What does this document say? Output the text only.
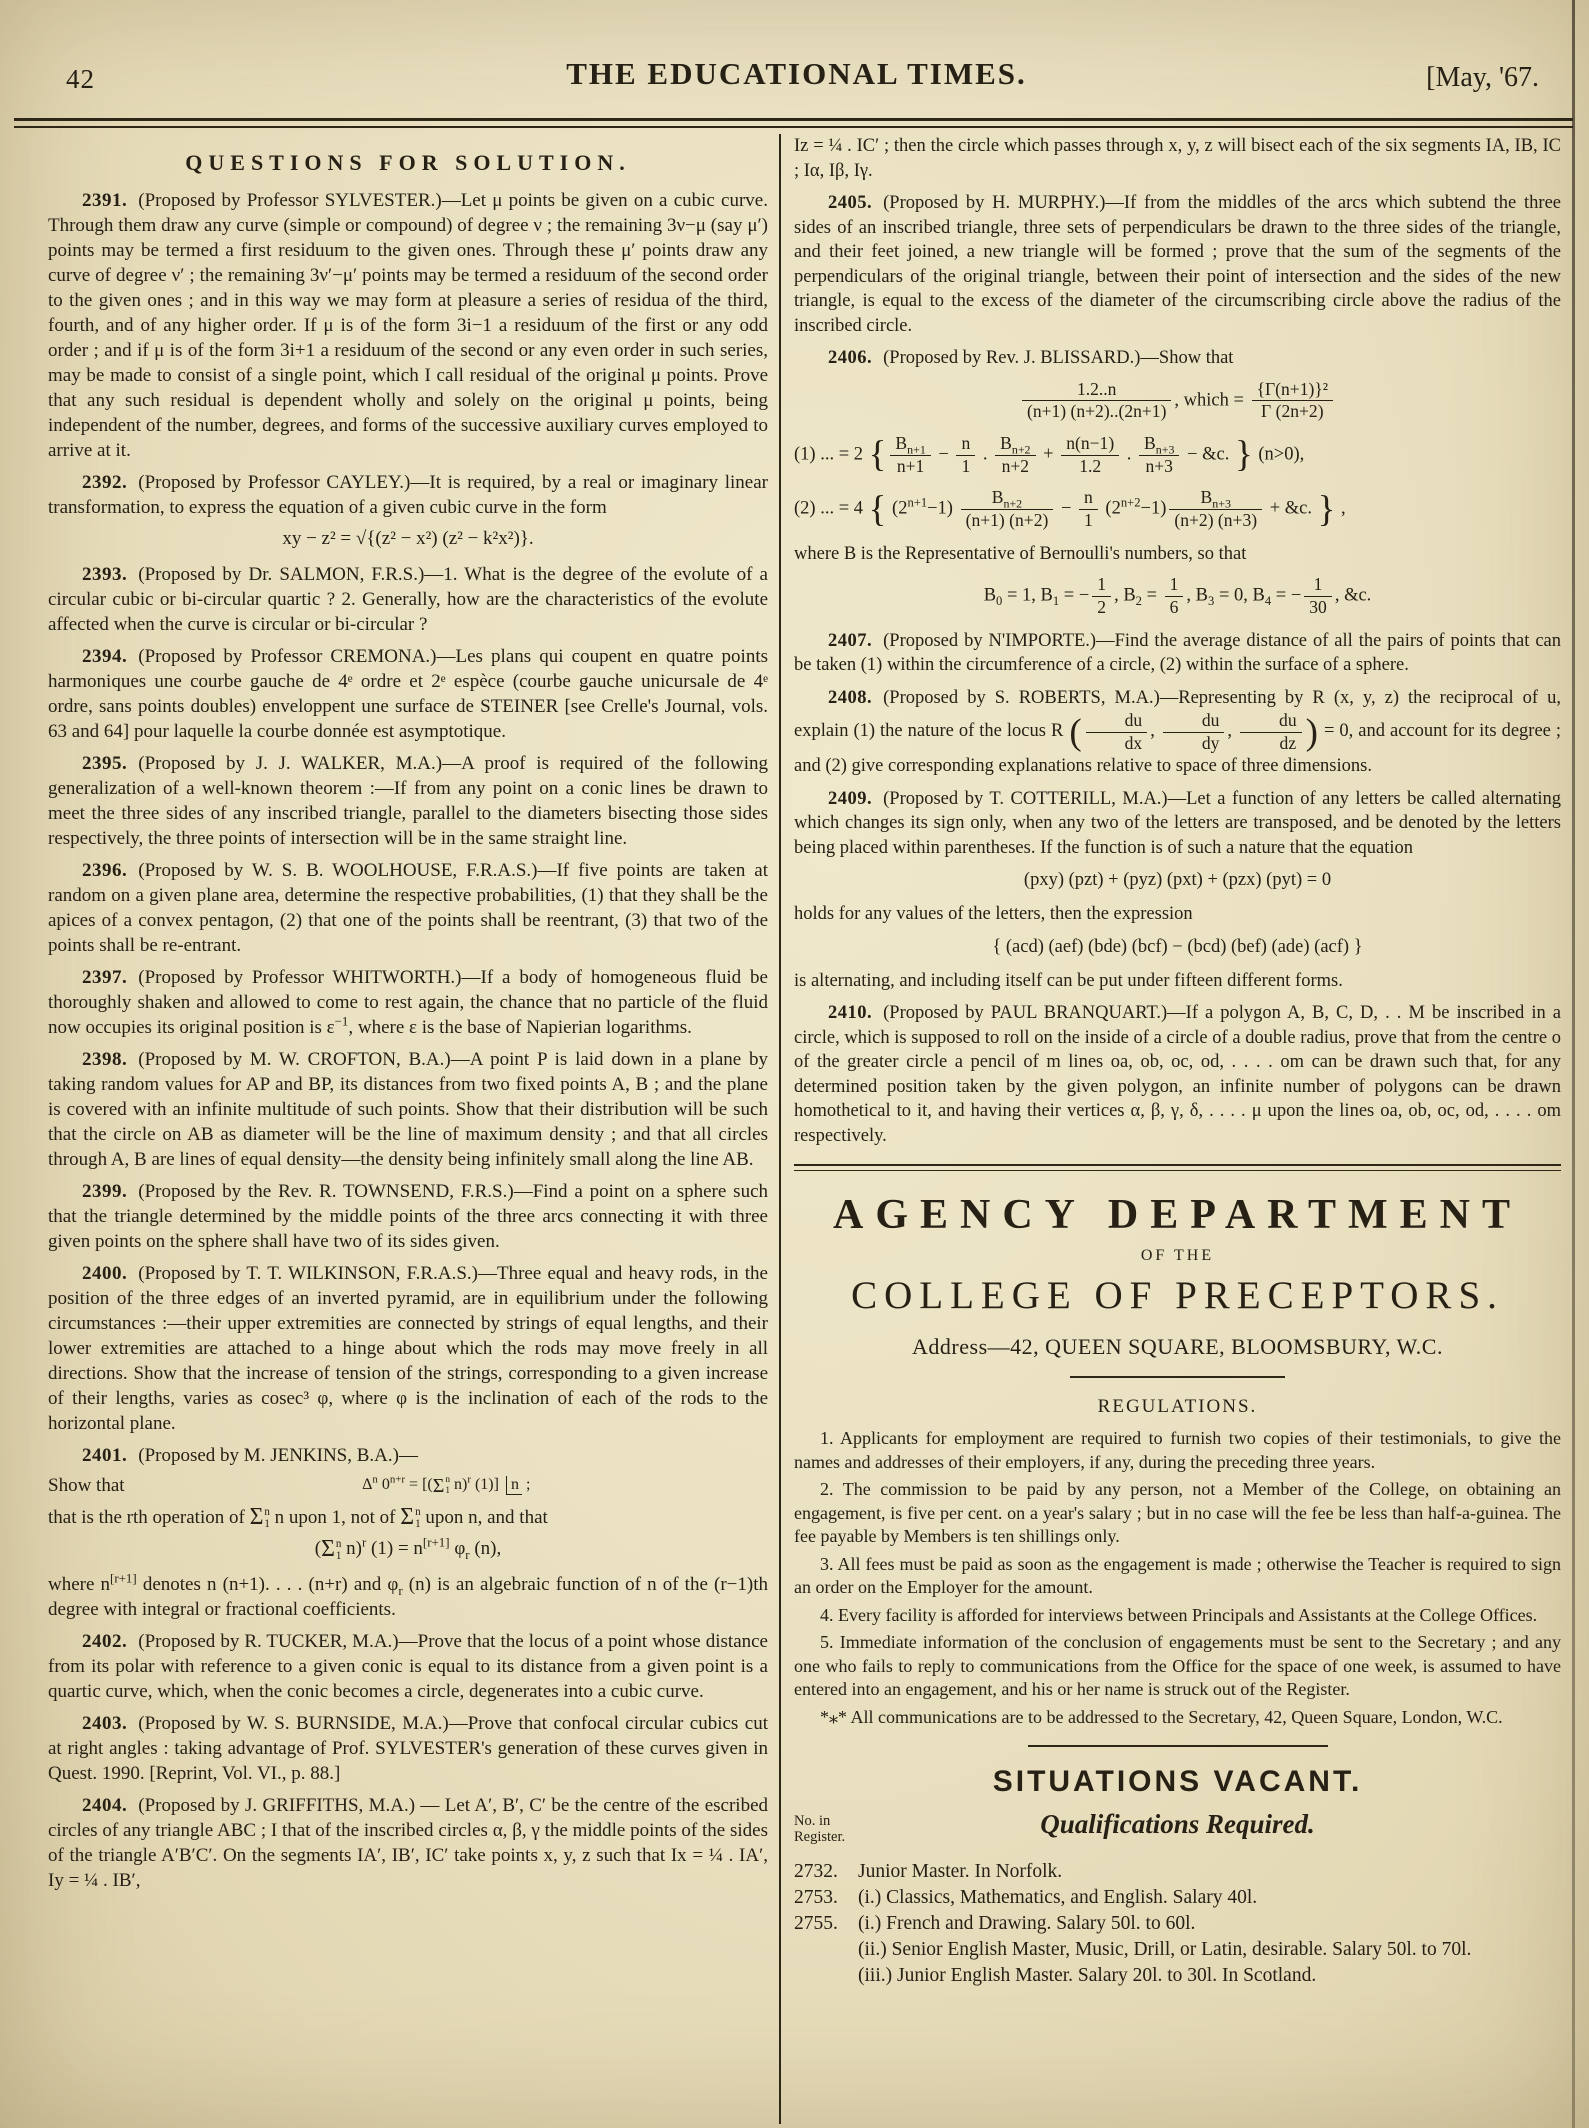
42	THE EDUCATIONAL TIMES.	[May, '67.
QUESTIONS FOR SOLUTION.

2391. (Proposed by Professor SYLVESTER.)—Let μ points be given on a cubic curve. Through them draw any curve (simple or compound) of degree ν ; the remaining 3ν−μ (say μ′) points may be termed a first residuum to the given ones. Through these μ′ points draw any curve of degree ν′ ; the remaining 3ν′−μ′ points may be termed a residuum of the second order to the given ones ; and in this way we may form at pleasure a series of residua of the third, fourth, and of any higher order. If μ is of the form 3i−1 a residuum of the first or any odd order ; and if μ is of the form 3i+1 a residuum of the second or any even order in such series, may be made to consist of a single point, which I call residual of the original μ points. Prove that any such residual is dependent wholly and solely on the original μ points, being independent of the number, degrees, and forms of the successive auxiliary curves employed to arrive at it.

2392. (Proposed by Professor CAYLEY.)—It is required, by a real or imaginary linear transformation, to express the equation of a given cubic curve in the form

xy − z² = √{(z² − x²) (z² − k²x²)}.

2393. (Proposed by Dr. SALMON, F.R.S.)—1. What is the degree of the evolute of a circular cubic or bi-circular quartic ? 2. Generally, how are the characteristics of the evolute affected when the curve is circular or bi-circular ?

2394. (Proposed by Professor CREMONA.)—Les plans qui coupent en quatre points harmoniques une courbe gauche de 4ᵉ ordre et 2ᵉ espèce (courbe gauche unicursale de 4ᵉ ordre, sans points doubles) enveloppent une surface de STEINER [see Crelle's Journal, vols. 63 and 64] pour laquelle la courbe donnée est asymptotique.

2395. (Proposed by J. J. WALKER, M.A.)—A proof is required of the following generalization of a well-known theorem :—If from any point on a conic lines be drawn to meet the three sides of any inscribed triangle, parallel to the diameters bisecting those sides respectively, the three points of intersection will be in the same straight line.

2396. (Proposed by W. S. B. WOOLHOUSE, F.R.A.S.)—If five points are taken at random on a given plane area, determine the respective probabilities, (1) that they shall be the apices of a convex pentagon, (2) that one of the points shall be reentrant, (3) that two of the points shall be re-entrant.

2397. (Proposed by Professor WHITWORTH.)—If a body of homogeneous fluid be thoroughly shaken and allowed to come to rest again, the chance that no particle of the fluid now occupies its original position is $\varepsilon^{-1}$, where ε is the base of Napierian logarithms.

2398. (Proposed by M. W. CROFTON, B.A.)—A point P is laid down in a plane by taking random values for AP and BP, its distances from two fixed points A, B ; and the plane is covered with an infinite multitude of such points. Show that their distribution will be such that the circle on AB as diameter will be the line of maximum density ; and that all circles through A, B are lines of equal density—the density being infinitely small along the line AB.

2399. (Proposed by the Rev. R. TOWNSEND, F.R.S.)—Find a point on a sphere such that the triangle determined by the middle points of the three arcs connecting it with three given points on the sphere shall have two of its sides given.

2400. (Proposed by T. T. WILKINSON, F.R.A.S.)—Three equal and heavy rods, in the position of the three edges of an inverted pyramid, are in equilibrium under the following circumstances :—their upper extremities are connected by strings of equal lengths, and their lower extremities are attached to a hinge about which the rods may move freely in all directions. Show that the increase of tension of the strings, corresponding to a given increase of their lengths, varies as cosec³ φ, where φ is the inclination of each of the rods to the horizontal plane.

2401. (Proposed by M. JENKINS, B.A.)—

Show that	$\Delta^n$ $0^{n+r}$ = [( Σ n
1 n)$^r$ (1)] n ;

that is the rth operation of Σ n
1 n upon 1, not of Σ n
1 upon n, and that

( Σ n
1 n)$^r$ (1) = n[r+1] $\varphi_r$ (n),

where n[r+1] denotes n (n+1). . . . (n+r) and $\varphi_r$ (n) is an algebraic function of n of the (r−1)th degree with integral or fractional coefficients.

2402. (Proposed by R. TUCKER, M.A.)—Prove that the locus of a point whose distance from its polar with reference to a given conic is equal to its distance from a given point is a quartic curve, which, when the conic becomes a circle, degenerates into a cubic curve.

2403. (Proposed by W. S. BURNSIDE, M.A.)—Prove that confocal circular cubics cut at right angles : taking advantage of Prof. SYLVESTER's generation of these curves given in Quest. 1990. [Reprint, Vol. VI., p. 88.]

2404. (Proposed by J. GRIFFITHS, M.A.) — Let A′, B′, C′ be the centre of the escribed circles of any triangle ABC ; I that of the inscribed circles α, β, γ the middle points of the sides of the triangle A′B′C′. On the segments IA′, IB′, IC′ take points x, y, z such that Ix = ¼ . IA′, Iy = ¼ . IB′,

Iz = ¼ . IC′ ; then the circle which passes through x, y, z will bisect each of the six segments IA, IB, IC ; Iα, Iβ, Iγ.

2405. (Proposed by H. MURPHY.)—If from the middles of the arcs which subtend the three sides of an inscribed triangle, three sets of perpendiculars be drawn to the three sides of the triangle, and their feet joined, a new triangle will be formed ; prove that the sum of the segments of the perpendiculars of the original triangle, between their point of intersection and the sides of the new triangle, is equal to the excess of the diameter of the circumscribing circle above the radius of the inscribed circle.

2406. (Proposed by Rev. J. BLISSARD.)—Show that

$\frac{1.2..n}{(n+1) (n+2)..(2n+1)}$ , which = $\frac{\text{\{Γ(n+1)\}²}}{\Gamma (2n+2)}$
(1) ... = 2 { $\frac{B_{n+1}}{n+1} - \frac{n}{1}$ . $\frac{B_{n+2}}{n+2} + \frac{n(n-1)}{1.2}$ . $\frac{B_{n+3}}{n+3}$ − &c. } (n>0),
(2) ... = 4 { $(2^{n+1}-1) \frac{B_{n+2}}{(n+1) (n+2)} - \frac{n}{1} (2^{n+2}-1) \frac{B_{n+3}}{(n+2) (n+3)}$ + &c. } ,

where B is the Representative of Bernoulli's numbers, so that

$B_0 = 1$, $B_1$ = − $\frac{1}{2}$ , $B_2 = \frac{1}{6}$ , $B_3 = 0$, $B_4$ = − $\frac{1}{30}$ , &c.

2407. (Proposed by N'IMPORTE.)—Find the average distance of all the pairs of points that can be taken (1) within the circumference of a circle, (2) within the surface of a sphere.

2408. (Proposed by S. ROBERTS, M.A.)—Representing by R (x, y, z) the reciprocal of u, explain (1) the nature of the locus R ( $\frac{du}{dx}$ , $\frac{du}{dy}$ , $\frac{du}{dz}$ ) = 0, and account for its degree ; and (2) give corresponding explanations relative to space of three dimensions.

2409. (Proposed by T. COTTERILL, M.A.)—Let a function of any letters be called alternating which changes its sign only, when any two of the letters are transposed, and be denoted by the letters being placed within parentheses. If the function is of such a nature that the equation

(pxy) (pzt) + (pyz) (pxt) + (pzx) (pyt) = 0

holds for any values of the letters, then the expression

{ (acd) (aef) (bde) (bcf) − (bcd) (bef) (ade) (acf) }

is alternating, and including itself can be put under fifteen different forms.

2410. (Proposed by PAUL BRANQUART.)—If a polygon A, B, C, D, . . M be inscribed in a circle, which is supposed to roll on the inside of a circle of a double radius, prove that from the centre o of the greater circle a pencil of m lines oa, ob, oc, od, . . . . om can be drawn such that, for any determined position taken by the given polygon, an infinite number of polygons can be drawn homothetical to it, and having their vertices α, β, γ, δ, . . . . μ upon the lines oa, ob, oc, od, . . . . om respectively.

AGENCY DEPARTMENT
OF THE
COLLEGE OF PRECEPTORS.
Address—42, QUEEN SQUARE, BLOOMSBURY, W.C.
REGULATIONS.

1. Applicants for employment are required to furnish two copies of their testimonials, to give the names and addresses of their employers, if any, during the preceding three years.

2. The commission to be paid by any person, not a Member of the College, on obtaining an engagement, is five per cent. on a year's salary ; but in no case will the fee be less than half-a-guinea. The fee payable by Members is ten shillings only.

3. All fees must be paid as soon as the engagement is made ; otherwise the Teacher is required to sign an order on the Employer for the amount.

4. Every facility is afforded for interviews between Principals and Assistants at the College Offices.

5. Immediate information of the conclusion of engagements must be sent to the Secretary ; and any one who fails to reply to communications from the Office for the space of one week, is assumed to have entered into an engagement, and his or her name is struck out of the Register.

*⁎* All communications are to be addressed to the Secretary, 42, Queen Square, London, W.C.

SITUATIONS VACANT.
No. in Register.	Qualifications Required.
2732.	Junior Master. In Norfolk.
2753.	(i.) Classics, Mathematics, and English. Salary 40l.
2755.	(i.) French and Drawing. Salary 50l. to 60l.
(ii.) Senior English Master, Music, Drill, or Latin, desirable. Salary 50l. to 70l.
(iii.) Junior English Master. Salary 20l. to 30l. In Scotland.
